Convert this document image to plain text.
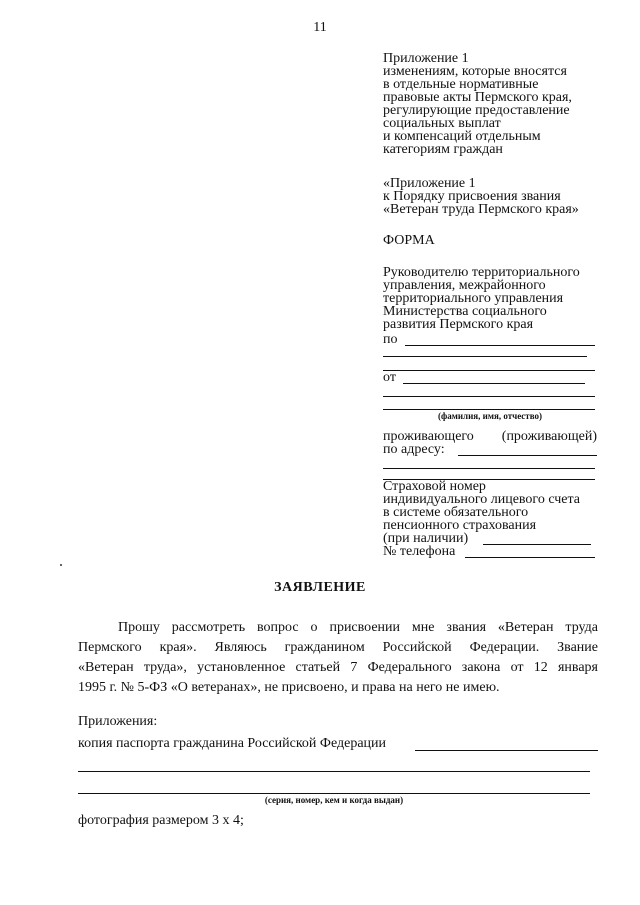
11
Приложение 1
изменениям, которые вносятся
в отдельные нормативные
правовые акты Пермского края,
регулирующие предоставление
социальных выплат
и компенсаций отдельным
категориям граждан
«Приложение 1
к Порядку присвоения звания
«Ветеран труда Пермского края»
ФОРМА
Руководителю территориального
управления, межрайонного
территориального управления
Министерства социального
развития Пермского края
по
от
(фамилия, имя, отчество)
проживающего (проживающей)
по адресу:
Страховой номер
индивидуального лицевого счета
в системе обязательного
пенсионного страхования
(при наличии)
№ телефона
ЗАЯВЛЕНИЕ
Прошу рассмотреть вопрос о присвоении мне звания «Ветеран труда
Пермского края». Являюсь гражданином Российской Федерации. Звание
«Ветеран труда», установленное статьей 7 Федерального закона от 12 января
1995 г. № 5-ФЗ «О ветеранах», не присвоено, и права на него не имею.
Приложения:
копия паспорта гражданина Российской Федерации
(серия, номер, кем и когда выдан)
фотография размером 3 х 4;
